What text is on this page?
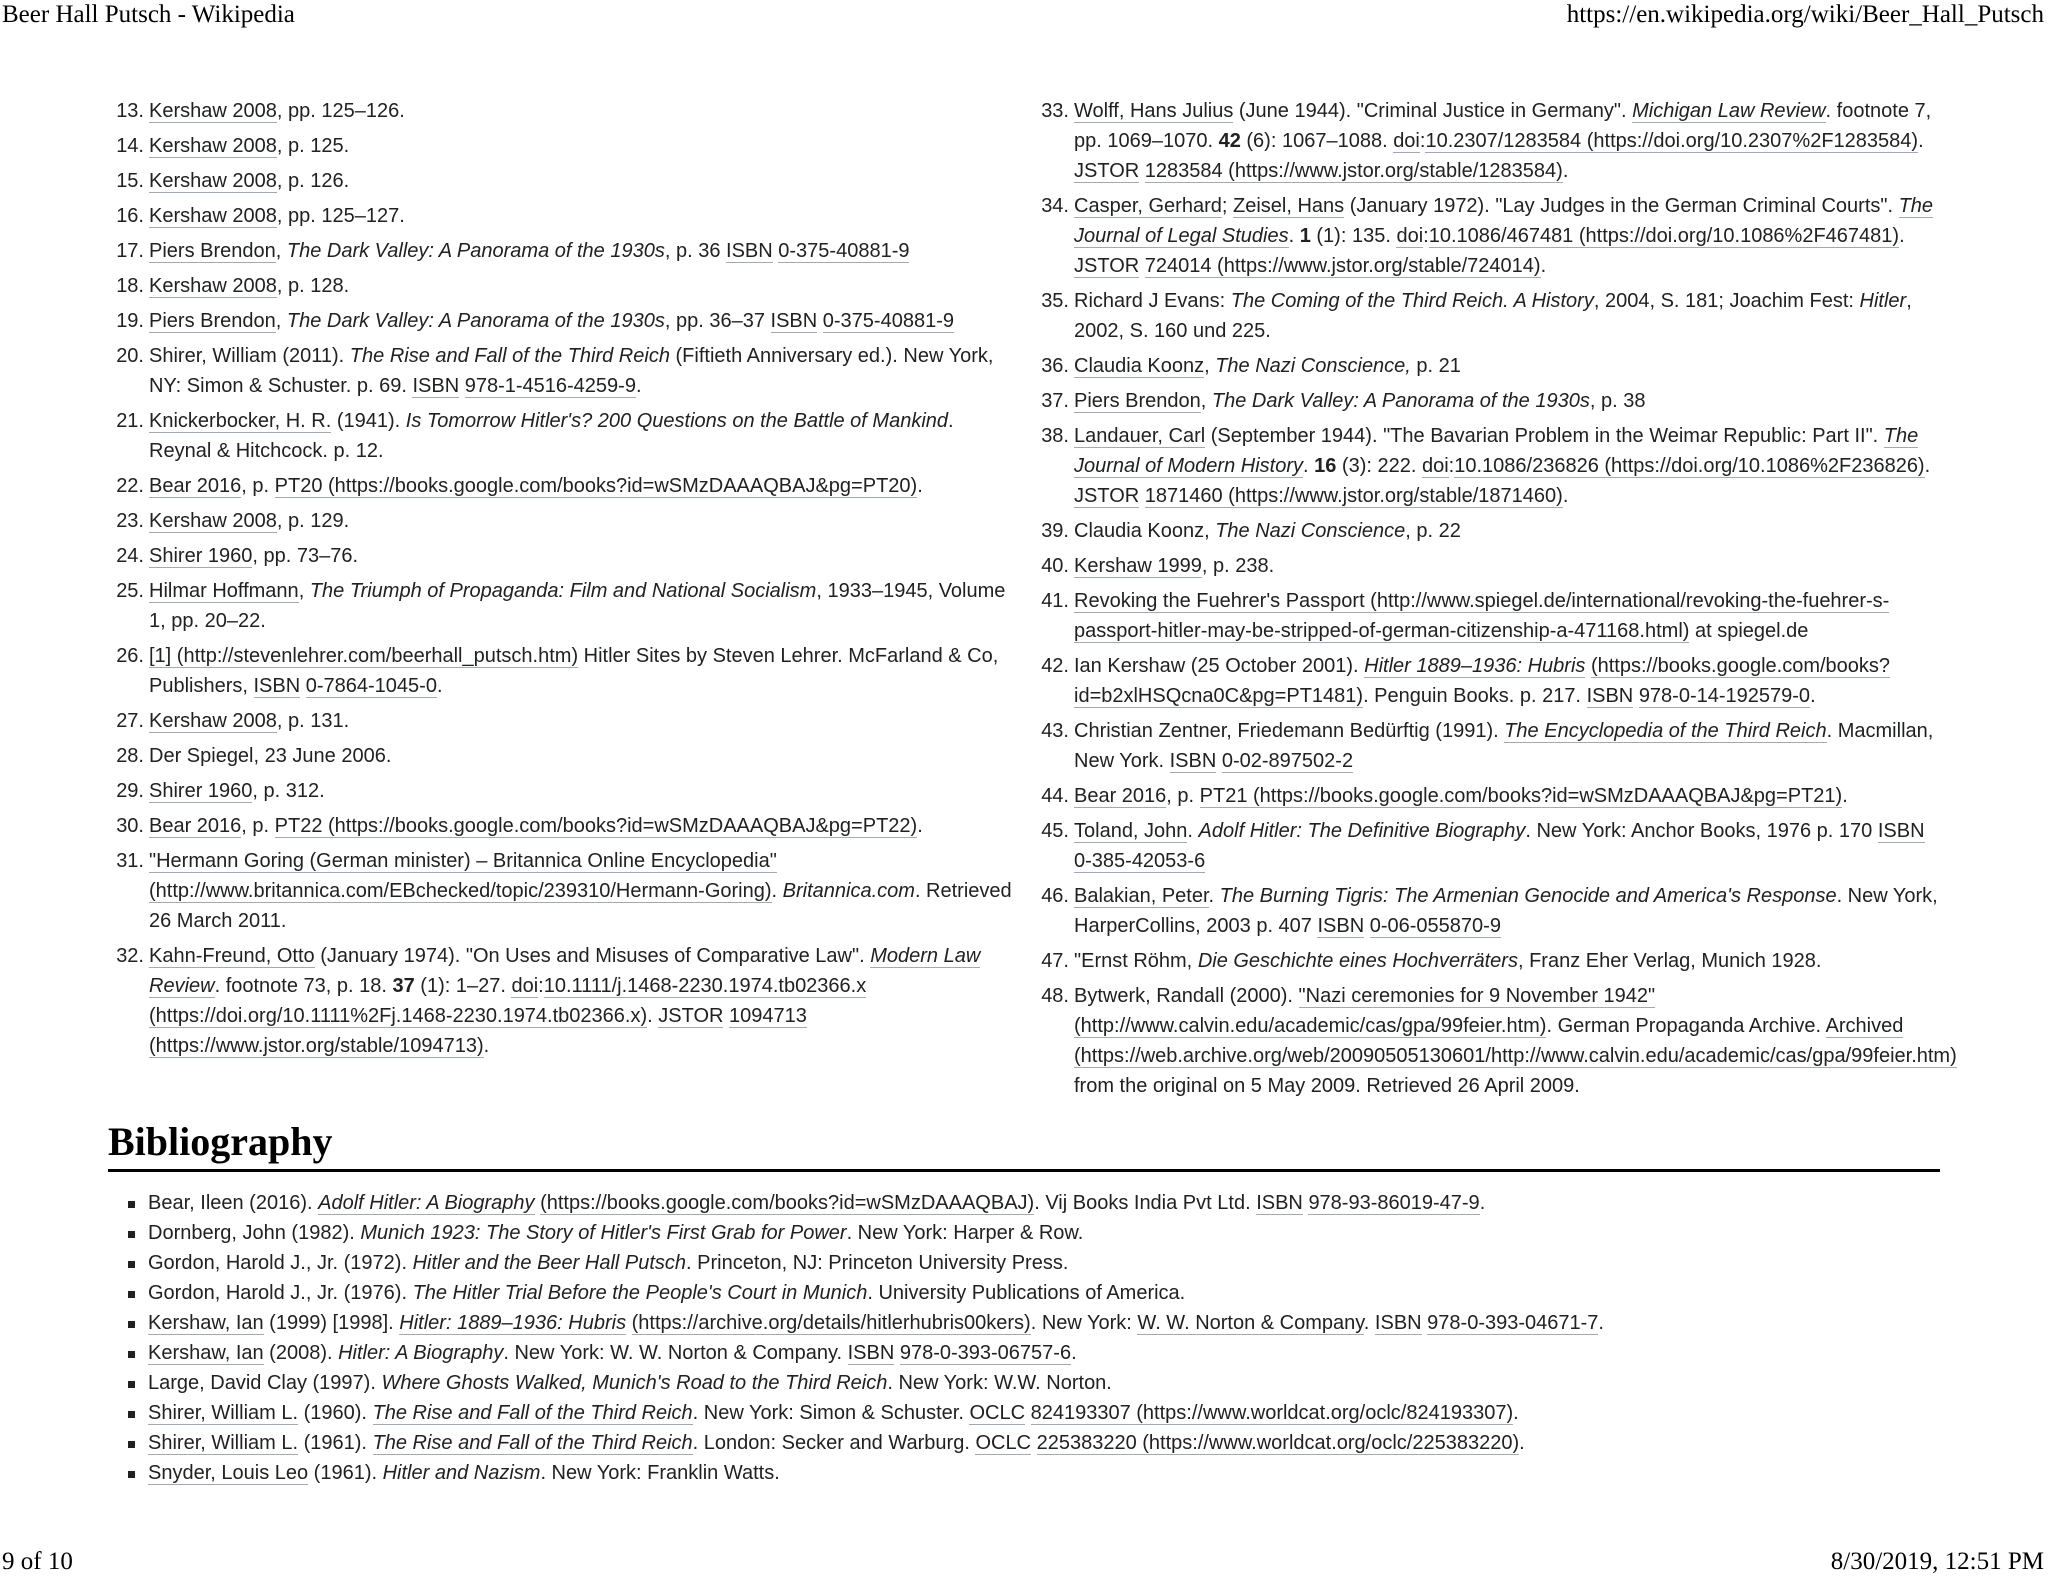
Beer Hall Putsch - Wikipedia	https://en.wikipedia.org/wiki/Beer_Hall_Putsch
13. Kershaw 2008, pp. 125–126.
14. Kershaw 2008, p. 125.
15. Kershaw 2008, p. 126.
16. Kershaw 2008, pp. 125–127.
17. Piers Brendon, The Dark Valley: A Panorama of the 1930s, p. 36 ISBN 0-375-40881-9
18. Kershaw 2008, p. 128.
19. Piers Brendon, The Dark Valley: A Panorama of the 1930s, pp. 36–37 ISBN 0-375-40881-9
20. Shirer, William (2011). The Rise and Fall of the Third Reich (Fiftieth Anniversary ed.). New York, NY: Simon & Schuster. p. 69. ISBN 978-1-4516-4259-9.
21. Knickerbocker, H. R. (1941). Is Tomorrow Hitler's? 200 Questions on the Battle of Mankind. Reynal & Hitchcock. p. 12.
22. Bear 2016, p. PT20 (https://books.google.com/books?id=wSMzDAAAQBAJ&pg=PT20).
23. Kershaw 2008, p. 129.
24. Shirer 1960, pp. 73–76.
25. Hilmar Hoffmann, The Triumph of Propaganda: Film and National Socialism, 1933–1945, Volume 1, pp. 20–22.
26. [1] (http://stevenlehrer.com/beerhall_putsch.htm) Hitler Sites by Steven Lehrer. McFarland & Co, Publishers, ISBN 0-7864-1045-0.
27. Kershaw 2008, p. 131.
28. Der Spiegel, 23 June 2006.
29. Shirer 1960, p. 312.
30. Bear 2016, p. PT22 (https://books.google.com/books?id=wSMzDAAAQBAJ&pg=PT22).
31. "Hermann Goring (German minister) – Britannica Online Encyclopedia" (http://www.britannica.com/EBchecked/topic/239310/Hermann-Goring). Britannica.com. Retrieved 26 March 2011.
32. Kahn-Freund, Otto (January 1974). "On Uses and Misuses of Comparative Law". Modern Law Review. footnote 73, p. 18. 37 (1): 1–27. doi:10.1111/j.1468-2230.1974.tb02366.x (https://doi.org/10.1111%2Fj.1468-2230.1974.tb02366.x). JSTOR 1094713 (https://www.jstor.org/stable/1094713).
33. Wolff, Hans Julius (June 1944). "Criminal Justice in Germany". Michigan Law Review. footnote 7, pp. 1069–1070. 42 (6): 1067–1088. doi:10.2307/1283584 (https://doi.org/10.2307%2F1283584). JSTOR 1283584 (https://www.jstor.org/stable/1283584).
34. Casper, Gerhard; Zeisel, Hans (January 1972). "Lay Judges in the German Criminal Courts". The Journal of Legal Studies. 1 (1): 135. doi:10.1086/467481 (https://doi.org/10.1086%2F467481). JSTOR 724014 (https://www.jstor.org/stable/724014).
35. Richard J Evans: The Coming of the Third Reich. A History, 2004, S. 181; Joachim Fest: Hitler, 2002, S. 160 und 225.
36. Claudia Koonz, The Nazi Conscience, p. 21
37. Piers Brendon, The Dark Valley: A Panorama of the 1930s, p. 38
38. Landauer, Carl (September 1944). "The Bavarian Problem in the Weimar Republic: Part II". The Journal of Modern History. 16 (3): 222. doi:10.1086/236826 (https://doi.org/10.1086%2F236826). JSTOR 1871460 (https://www.jstor.org/stable/1871460).
39. Claudia Koonz, The Nazi Conscience, p. 22
40. Kershaw 1999, p. 238.
41. Revoking the Fuehrer's Passport (http://www.spiegel.de/international/revoking-the-fuehrer-s-passport-hitler-may-be-stripped-of-german-citizenship-a-471168.html) at spiegel.de
42. Ian Kershaw (25 October 2001). Hitler 1889–1936: Hubris (https://books.google.com/books?id=b2xlHSQcna0C&pg=PT1481). Penguin Books. p. 217. ISBN 978-0-14-192579-0.
43. Christian Zentner, Friedemann Bedürftig (1991). The Encyclopedia of the Third Reich. Macmillan, New York. ISBN 0-02-897502-2
44. Bear 2016, p. PT21 (https://books.google.com/books?id=wSMzDAAAQBAJ&pg=PT21).
45. Toland, John. Adolf Hitler: The Definitive Biography. New York: Anchor Books, 1976 p. 170 ISBN 0-385-42053-6
46. Balakian, Peter. The Burning Tigris: The Armenian Genocide and America's Response. New York, HarperCollins, 2003 p. 407 ISBN 0-06-055870-9
47. "Ernst Röhm, Die Geschichte eines Hochverräters, Franz Eher Verlag, Munich 1928.
48. Bytwerk, Randall (2000). "Nazi ceremonies for 9 November 1942" (http://www.calvin.edu/academic/cas/gpa/99feier.htm). German Propaganda Archive. Archived (https://web.archive.org/web/20090505130601/http://www.calvin.edu/academic/cas/gpa/99feier.htm) from the original on 5 May 2009. Retrieved 26 April 2009.
Bibliography
Bear, Ileen (2016). Adolf Hitler: A Biography (https://books.google.com/books?id=wSMzDAAAQBAJ). Vij Books India Pvt Ltd. ISBN 978-93-86019-47-9.
Dornberg, John (1982). Munich 1923: The Story of Hitler's First Grab for Power. New York: Harper & Row.
Gordon, Harold J., Jr. (1972). Hitler and the Beer Hall Putsch. Princeton, NJ: Princeton University Press.
Gordon, Harold J., Jr. (1976). The Hitler Trial Before the People's Court in Munich. University Publications of America.
Kershaw, Ian (1999) [1998]. Hitler: 1889–1936: Hubris (https://archive.org/details/hitlerhubris00kers). New York: W. W. Norton & Company. ISBN 978-0-393-04671-7.
Kershaw, Ian (2008). Hitler: A Biography. New York: W. W. Norton & Company. ISBN 978-0-393-06757-6.
Large, David Clay (1997). Where Ghosts Walked, Munich's Road to the Third Reich. New York: W.W. Norton.
Shirer, William L. (1960). The Rise and Fall of the Third Reich. New York: Simon & Schuster. OCLC 824193307 (https://www.worldcat.org/oclc/824193307).
Shirer, William L. (1961). The Rise and Fall of the Third Reich. London: Secker and Warburg. OCLC 225383220 (https://www.worldcat.org/oclc/225383220).
Snyder, Louis Leo (1961). Hitler and Nazism. New York: Franklin Watts.
9 of 10	8/30/2019, 12:51 PM
